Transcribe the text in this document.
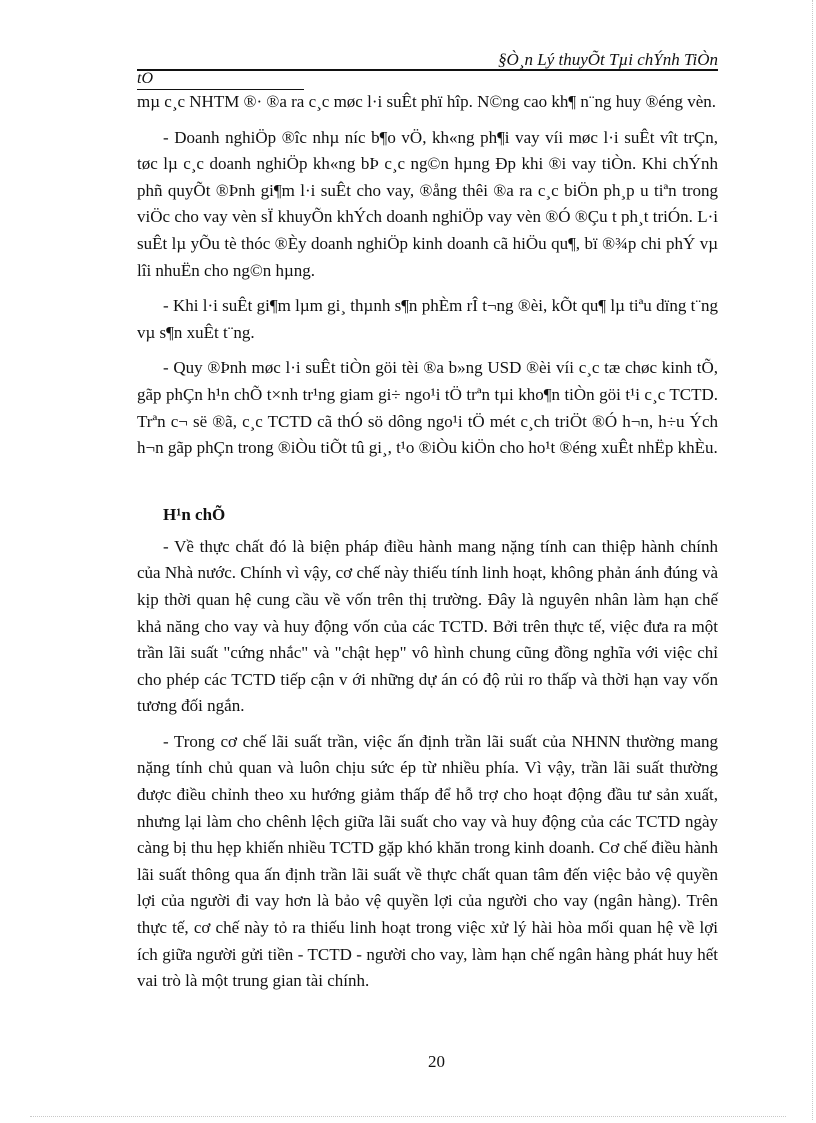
§Ò¸n Lý thuyÕt Tµi chÝnh TiÒn
tÖ

mµ c¸c NHTM ®· ®a ra c¸c møc l·i suÊt phï hîp. N©ng cao kh¶ n¨ng huy ®éng vèn.

- Doanh nghiÖp ®îc nhµ níc b¶o vÖ, kh«ng ph¶i vay víi møc l·i suÊt vît trÇn, tøc lµ c¸c doanh nghiÖp kh«ng bÞ c¸c ng©n hµng Ðp khi ®i vay tiÒn. Khi chÝnh phñ quyÕt ®Þnh gi¶m l·i suÊt cho vay, ®ång thêi ®a ra c¸c biÖn ph¸p u tiªn trong viÖc cho vay vèn sÏ khuyÕn khÝch doanh nghiÖp vay vèn ®Ó ®Çu t ph¸t triÓn. L·i suÊt lµ yÕu tè thóc ®Èy doanh nghiÖp kinh doanh cã hiÖu qu¶, bï ®¾p chi phÝ vµ lîi nhuËn cho ng©n hµng.

- Khi l·i suÊt gi¶m lµm gi¸ thµnh s¶n phÈm rÎ t¬ng ®èi, kÕt qu¶ lµ tiªu dïng t¨ng vµ s¶n xuÊt t¨ng.

- Quy ®Þnh møc l·i suÊt tiÒn göi tèi ®a b»ng USD ®èi víi c¸c tæ chøc kinh tÕ, gãp phÇn h¹n chÕ t×nh tr¹ng giam gi÷ ngo¹i tÖ trªn tµi kho¶n tiÒn göi t¹i c¸c TCTD. Trªn c¬ së ®ã, c¸c TCTD cã thÓ sö dông ngo¹i tÖ mét c¸ch triÖt ®Ó h¬n, h÷u Ých h¬n gãp phÇn trong ®iÒu tiÕt tû gi¸, t¹o ®iÒu kiÖn cho ho¹t ®éng xuÊt nhËp khÈu.

H¹n chÕ

- Về thực chất đó là biện pháp điều hành mang nặng tính can thiệp hành chính của Nhà nước. Chính vì vậy, cơ chế này thiếu tính linh hoạt, không phản ánh đúng và kịp thời quan hệ cung cầu về vốn trên thị trường. Đây là nguyên nhân làm hạn chế khả năng cho vay và huy động vốn của các TCTD. Bởi trên thực tế, việc đưa ra một trần lãi suất "cứng nhắc" và "chật hẹp" vô hình chung cũng đồng nghĩa với việc chỉ cho phép các TCTD tiếp cận v ới những dự án có độ rủi ro thấp và thời hạn vay vốn tương đối ngắn.

- Trong cơ chế lãi suất trần, việc ấn định trần lãi suất của NHNN thường mang nặng tính chủ quan và luôn chịu sức ép từ nhiều phía. Vì vậy, trần lãi suất thường được điều chỉnh theo xu hướng giảm thấp để hỗ trợ cho hoạt động đầu tư sản xuất, nhưng lại làm cho chênh lệch giữa lãi suất cho vay và huy động của các TCTD ngày càng bị thu hẹp khiến nhiều TCTD gặp khó khăn trong kinh doanh. Cơ chế điều hành lãi suất thông qua ấn định trần lãi suất về thực chất quan tâm đến việc bảo vệ quyền lợi của người đi vay hơn là bảo vệ quyền lợi của người cho vay (ngân hàng). Trên thực tế, cơ chế này tỏ ra thiếu linh hoạt trong việc xử lý hài hòa mối quan hệ về lợi ích giữa người gửi tiền - TCTD - người cho vay, làm hạn chế ngân hàng phát huy hết vai trò là một trung gian tài chính.

20
